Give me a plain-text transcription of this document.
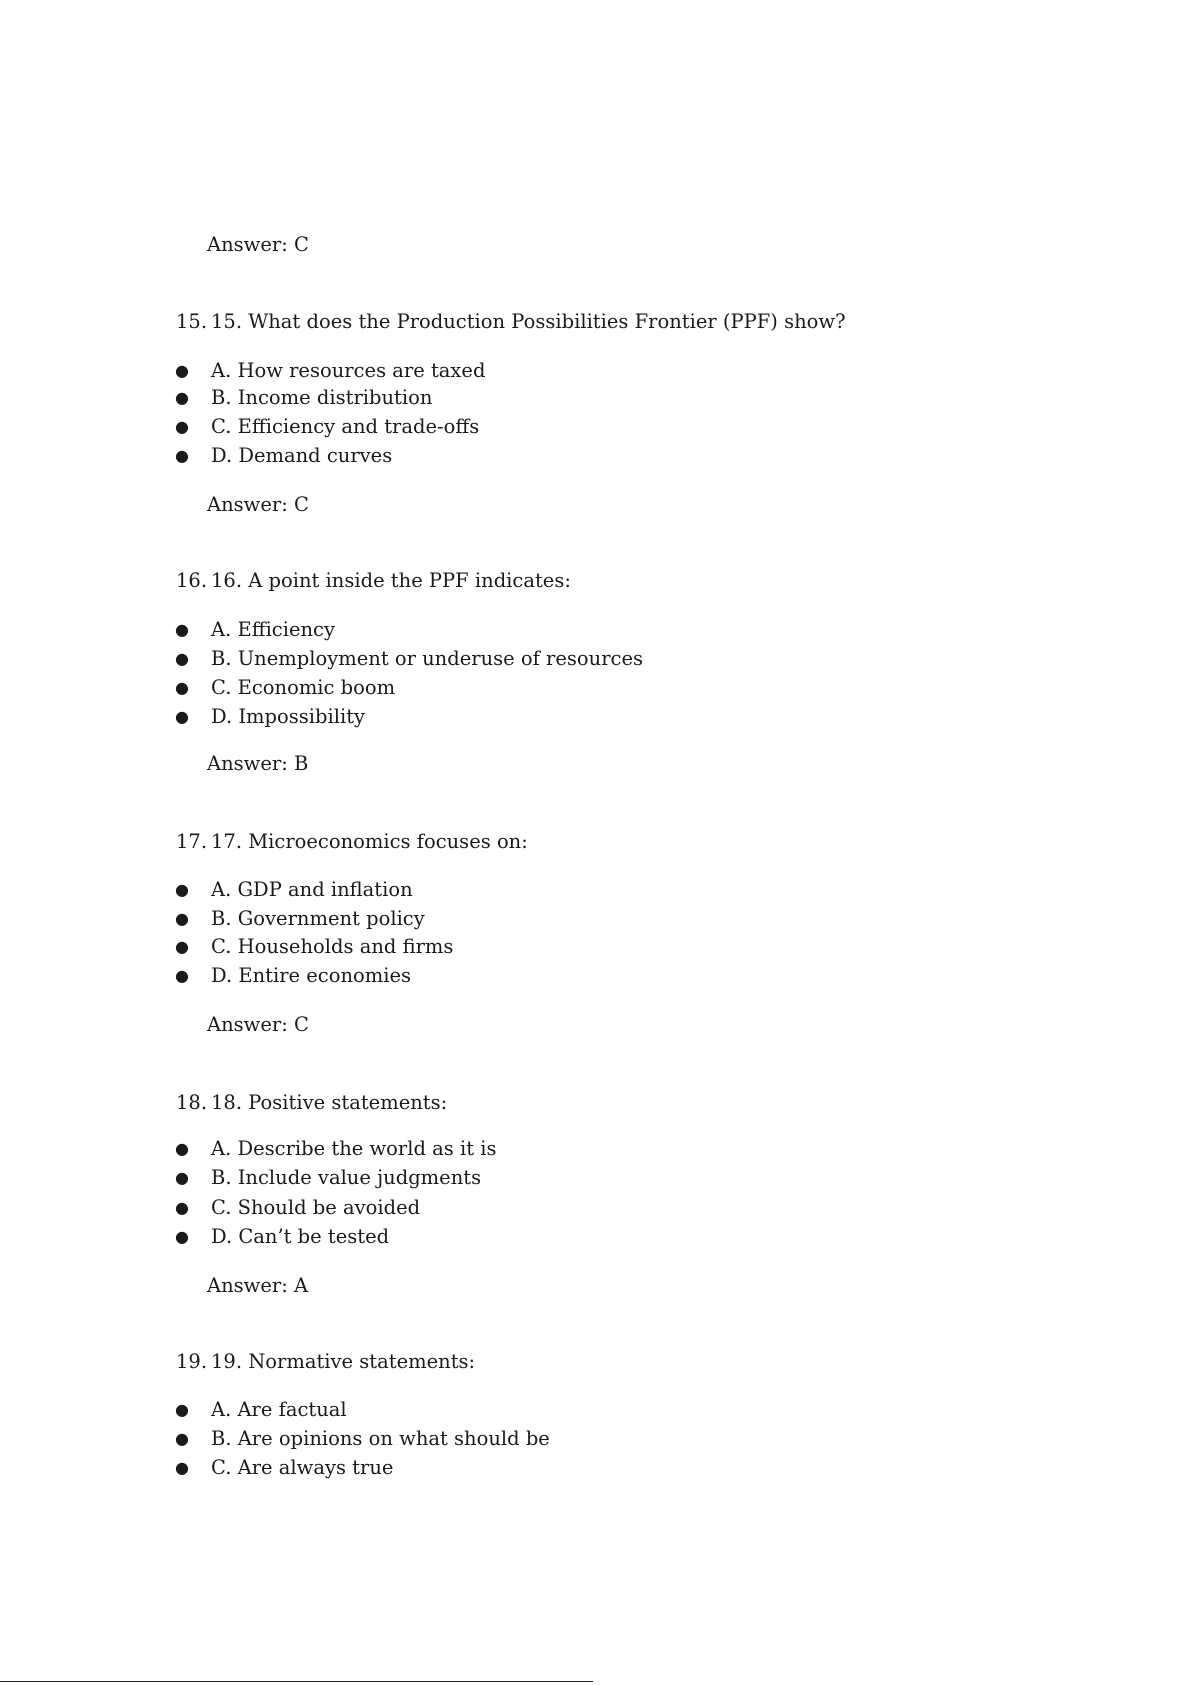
Answer: C
15. 15. What does the Production Possibilities Frontier (PPF) show?
● A. How resources are taxed
● B. Income distribution
● C. Efficiency and trade-offs
● D. Demand curves
Answer: C
16. 16. A point inside the PPF indicates:
● A. Efficiency
● B. Unemployment or underuse of resources
● C. Economic boom
● D. Impossibility
Answer: B
17. 17. Microeconomics focuses on:
● A. GDP and inflation
● B. Government policy
● C. Households and firms
● D. Entire economies
Answer: C
18. 18. Positive statements:
● A. Describe the world as it is
● B. Include value judgments
● C. Should be avoided
● D. Can’t be tested
Answer: A
19. 19. Normative statements:
● A. Are factual
● B. Are opinions on what should be
● C. Are always true
